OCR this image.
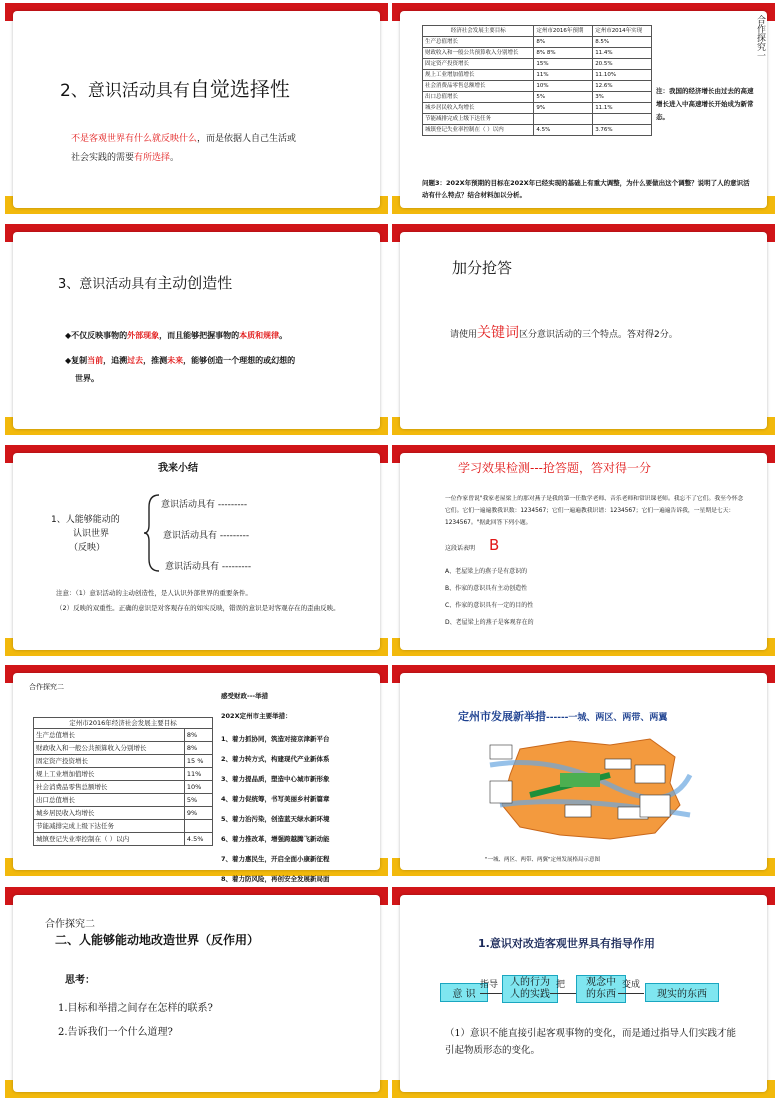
2、意识活动具有自觉选择性
不是客观世界有什么就反映什么，而是依据人自己生活或
社会实践的需要有所选择。
经济社会发展主要目标	定州市2016年预期	定州市2014年实现
生产总值增长	8%	8.5%
财政收入和一般公共预算收入分别增长	8% 8%	11.4%
固定资产投资增长	15%	20.5%
规上工业增加值增长	11%	11.10%
社会消费品零售总额增长	10%	12.6%
出口总值增长	5%	3%
城乡居民收入均增长	9%	11.1%
节能减排完成上级下达任务		
城镇登记失业率控制在（ ）以内	4.5%	3.76%
合作探究一
注：我国的经济增长由过去的高速增长进入中高速增长开始成为新常态。
问题3：202X年预期的目标在202X年已经实现的基础上有重大调整，为什么要做出这个调整？说明了人的意识活动有什么特点？结合材料加以分析。
3、意识活动具有主动创造性
◆不仅反映事物的外部现象，而且能够把握事物的本质和规律。
◆复制当前，追溯过去，推测未来，能够创造一个理想的或幻想的
世界。
加分抢答
请使用关键词区分意识活动的三个特点。答对得2分。
我来小结
1、人能够能动的
认识世界
（反映）
意识活动具有 ---------
意识活动具有 ---------
意识活动具有 ---------
注意：（1）意识活动的主动创造性，是人认识外部世界的重要条件。
（2）反映的双重性。正确的意识是对客观存在的如实反映，错误的意识是对客观存在的歪曲反映。
学习效果检测---抢答题，答对得一分
一位作家曾说"我家老屋梁上的那对燕子是我的第一任数学老师、音乐老师和常识课老师。我忘不了它们。我至今怀念它们。它们一遍遍教我识数：1234567；它们一遍遍教我识谱：1234567；它们一遍遍告诉我，一星期是七天：1234567。"据此回答下列小题。
这段话表明 B
A、老屋梁上的燕子是有意识的
B、作家的意识具有主动创造性
C、作家的意识具有一定的目的性
D、老屋梁上的燕子是客观存在的
合作探究二
定州市2016年经济社会发展主要目标	
生产总值增长	8%
财政收入和一般公共预算收入分别增长	8%
固定资产投资增长	15 %
规上工业增加值增长	11%
社会消费品零售总额增长	10%
出口总值增长	5%
城乡居民收入均增长	9%
节能减排完成上级下达任务	
城镇登记失业率控制在（ ）以内	4.5%
感受财政---举措
202X定州市主要举措：
1、着力抓协同，筑造对接京津新平台
2、着力转方式，构建现代产业新体系
3、着力提品质，塑造中心城市新形象
4、着力促统筹，书写美丽乡村新篇章
5、着力治污染，创造蓝天绿水新环境
6、着力推改革，增强跨越腾飞新动能
7、着力惠民生，开启全面小康新征程
8、着力防风险，再创安全发展新局面
定州市发展新举措------一城、两区、两带、两翼
"一城、两区、两带、两翼"定州发展格局示意图
合作探究二
二、人能够能动地改造世界（反作用）
思考：
1.目标和举措之间存在怎样的联系?
2.告诉我们一个什么道理?
1.意识对改造客观世界具有指导作用
意 识
指导	人的行为
人的实践
把	观念中
的东西
变成
现实的东西
（1）意识不能直接引起客观事物的变化，而是通过指导人们实践才能引起物质形态的变化。
